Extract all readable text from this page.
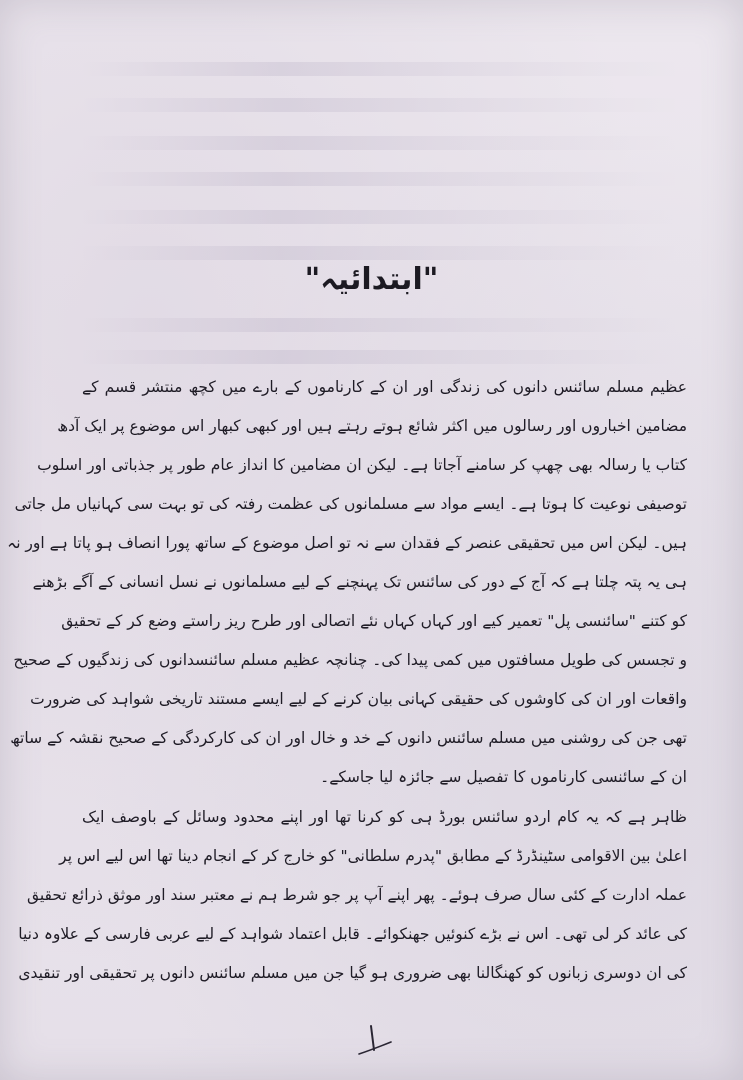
"ابتدائیہ"
عظیم مسلم سائنس دانوں کی زندگی اور ان کے کارناموں کے بارے میں کچھ منتشر قسم کے
مضامین اخباروں اور رسالوں میں اکثر شائع ہوتے رہتے ہیں اور کبھی کبھار اس موضوع پر ایک آدھ
کتاب یا رسالہ بھی چھپ کر سامنے آجاتا ہے۔ لیکن ان مضامین کا انداز عام طور پر جذباتی اور اسلوب
توصیفی نوعیت کا ہوتا ہے۔ ایسے مواد سے مسلمانوں کی عظمت رفتہ کی تو بہت سی کہانیاں مل جاتی
ہیں۔ لیکن اس میں تحقیقی عنصر کے فقدان سے نہ تو اصل موضوع کے ساتھ پورا انصاف ہو پاتا ہے اور نہ
ہی یہ پتہ چلتا ہے کہ آج کے دور کی سائنس تک پہنچنے کے لیے مسلمانوں نے نسل انسانی کے آگے بڑھنے
کو کتنے "سائنسی پل" تعمیر کیے اور کہاں کہاں نئے اتصالی اور طرح ریز راستے وضع کر کے تحقیق
و تجسس کی طویل مسافتوں میں کمی پیدا کی۔ چنانچہ عظیم مسلم سائنسدانوں کی زندگیوں کے صحیح
واقعات اور ان کی کاوشوں کی حقیقی کہانی بیان کرنے کے لیے ایسے مستند تاریخی شواہد کی ضرورت
تھی جن کی روشنی میں مسلم سائنس دانوں کے خد و خال اور ان کی کارکردگی کے صحیح نقشہ کے ساتھ
ان کے سائنسی کارناموں کا تفصیل سے جائزہ لیا جاسکے۔
ظاہر ہے کہ یہ کام اردو سائنس بورڈ ہی کو کرنا تھا اور اپنے محدود وسائل کے باوصف ایک
اعلیٰ بین الاقوامی سٹینڈرڈ کے مطابق "پدرم سلطانی" کو خارج کر کے انجام دینا تھا اس لیے اس پر
عملہ ادارت کے کئی سال صرف ہوئے۔ پھر اپنے آپ پر جو شرط ہم نے معتبر سند اور موثق ذرائع تحقیق
کی عائد کر لی تھی۔ اس نے بڑے کنوئیں جھنکوائے۔ قابل اعتماد شواہد کے لیے عربی فارسی کے علاوہ دنیا
کی ان دوسری زبانوں کو کھنگالنا بھی ضروری ہو گیا جن میں مسلم سائنس دانوں پر تحقیقی اور تنقیدی
